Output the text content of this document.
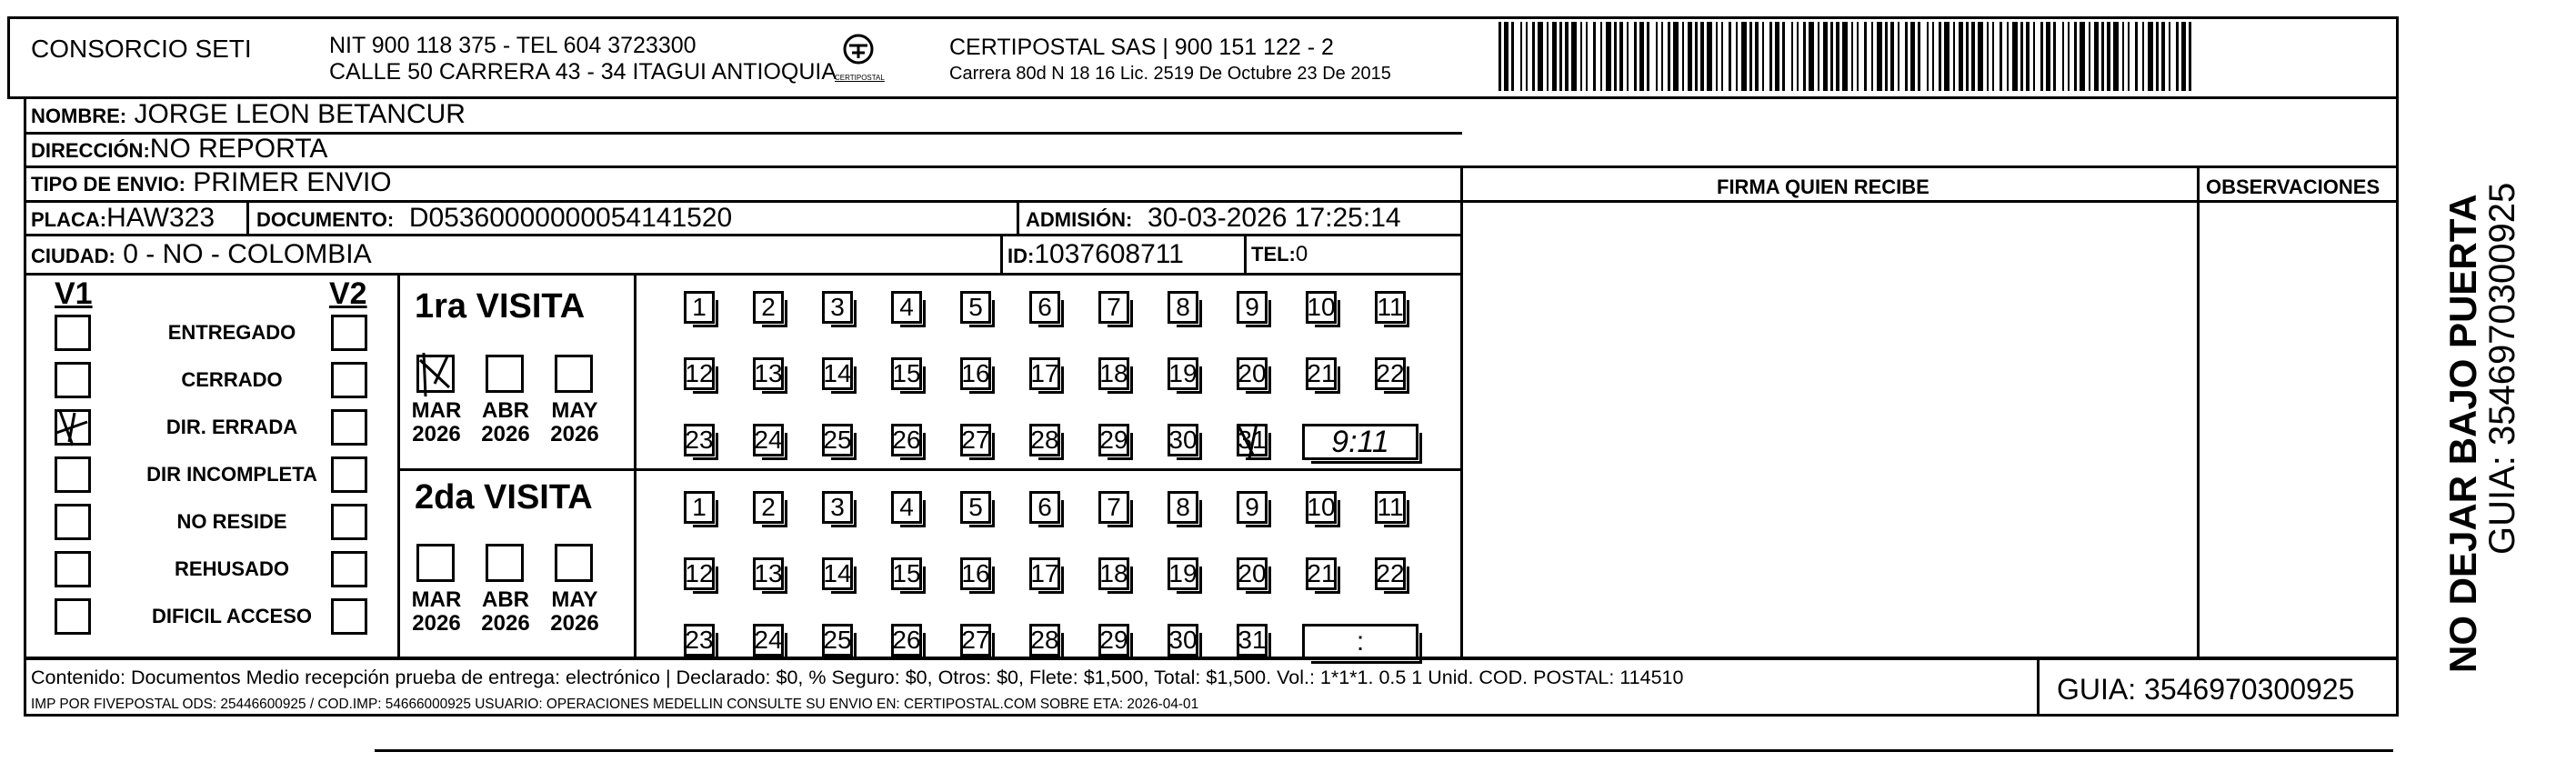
CONSORCIO SETI	NIT 900 118 375 - TEL 604 3723300
CALLE 50 CARRERA 43 - 34 ITAGUI ANTIOQUIA
CERTIPOSTAL
CERTIPOSTAL SAS | 900 151 122 - 2
Carrera 80d N 18 16 Lic. 2519 De Octubre 23 De 2015
NOMBRE: JORGE LEON BETANCUR
DIRECCIÓN:NO REPORTA
TIPO DE ENVIO: PRIMER ENVIO	FIRMA QUIEN RECIBE	OBSERVACIONES
PLACA:HAW323 DOCUMENTO: D05360000000054141520	ADMISIÓN: 30-03-2026 17:25:14
CIUDAD: 0 - NO - COLOMBIA	ID:1037608711	TEL:0
V1	V2 1ra VISITA
2da VISITA
Contenido: Documentos Medio recepción prueba de entrega: electrónico | Declarado: $0, % Seguro: $0, Otros: $0, Flete: $1,500, Total: $1,500. Vol.: 1*1*1. 0.5 1 Unid. COD. POSTAL: 114510
IMP POR FIVEPOSTAL ODS: 25446600925 / COD.IMP: 54666000925 USUARIO: OPERACIONES MEDELLIN CONSULTE SU ENVIO EN: CERTIPOSTAL.COM SOBRE ETA: 2026-04-01	GUIA: 3546970300925
NO DEJAR BAJO PUERTA
GUIA: 3546970300925
ENTREGADO
CERRADO
DIR. ERRADA
DIR INCOMPLETA
NO RESIDE
REHUSADO
DIFICIL ACCESO
MAR
2026
ABR
2026
MAY
2026
MAR
2026
ABR
2026
MAY
2026
1	2	3	4	5	6	7	8	9	10 11
12 13 14 15 16 17 18 19 20 21 22
23 24 25 26 27 28 29 30 31	9:11
1	2	3	4	5	6	7	8	9	10 11
12 13 14 15 16 17 18 19 20 21 22
23 24 25 26 27 28 29 30 31	:
